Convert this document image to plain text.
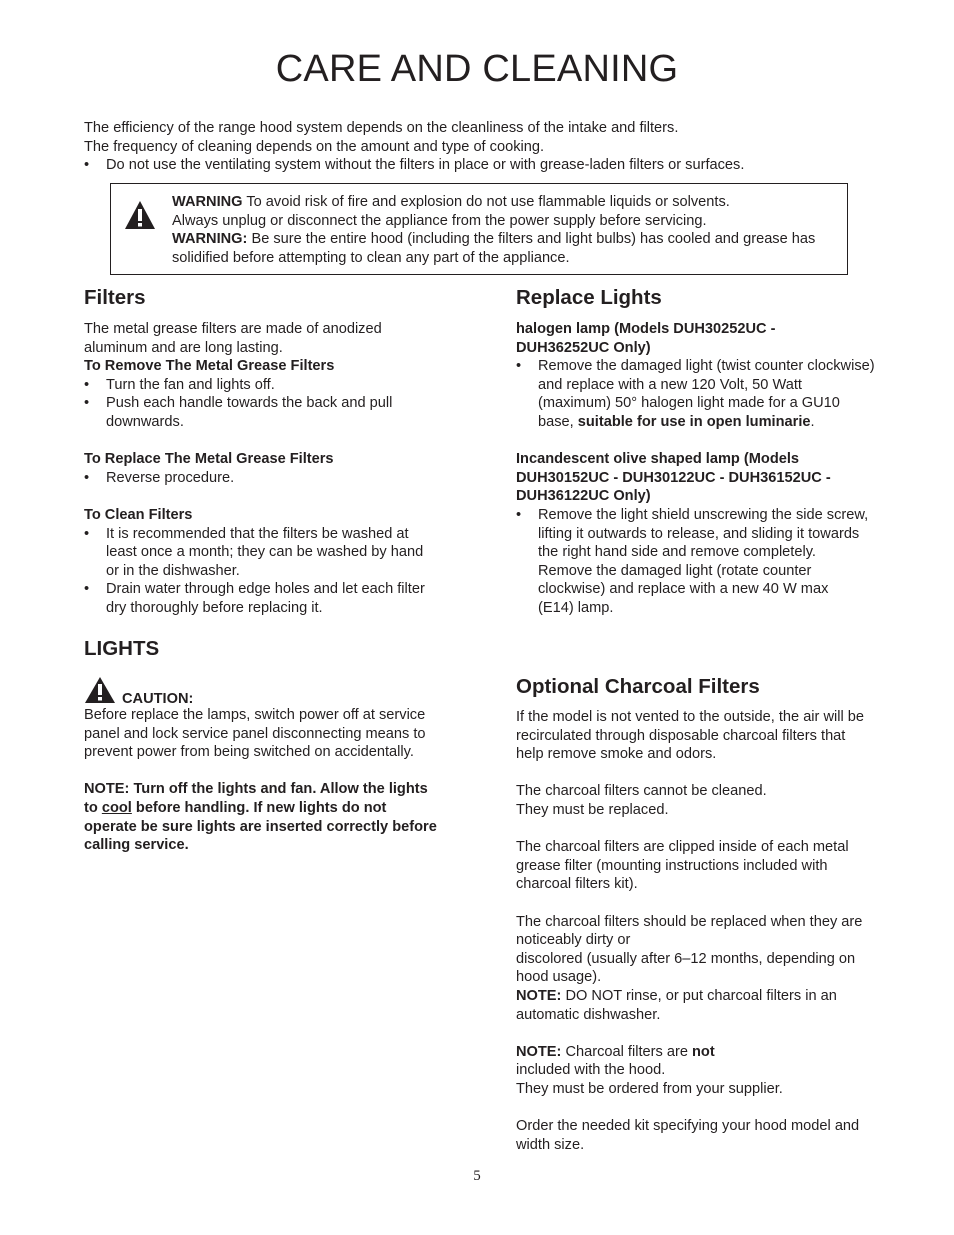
CARE AND CLEANING
The efficiency of the range hood system depends on the cleanliness of the intake and filters.
The frequency of cleaning depends on the amount and type of cooking.
• Do not use the ventilating system without the filters in place or with grease-laden filters or surfaces.
WARNING To avoid risk of fire and explosion do not use flammable liquids or solvents.
Always unplug or disconnect the appliance from the power supply before servicing.
WARNING: Be sure the entire hood (including the filters and light bulbs) has cooled and grease has
solidified before attempting to clean any part of the appliance.
Filters
The metal grease filters are made of anodized
aluminum and are long lasting.
To Remove The Metal Grease Filters
• Turn the fan and lights off.
• Push each handle towards the back and pull downwards.
To Replace The Metal Grease Filters
• Reverse procedure.
To Clean Filters
• It is recommended that the filters be washed at least once a month; they can be washed by hand or in the dishwasher.
• Drain water through edge holes and let each filter dry thoroughly before replacing it.
LIGHTS
CAUTION:
Before replace the lamps, switch power off at service panel and lock service panel disconnecting means to prevent power from being switched on accidentally.
NOTE: Turn off the lights and fan. Allow the lights to cool before handling. If new lights do not operate be sure lights are inserted correctly before calling service.
Replace Lights
halogen lamp (Models DUH30252UC - DUH36252UC Only)
• Remove the damaged light (twist counter clockwise) and replace with a new 120 Volt, 50 Watt (maximum) 50° halogen light made for a GU10 base, suitable for use in open luminarie.
Incandescent olive shaped lamp (Models DUH30152UC - DUH30122UC - DUH36152UC - DUH36122UC Only)
• Remove the light shield unscrewing the side screw, lifting it outwards to release, and sliding it towards the right hand side and remove completely.
Remove the damaged light (rotate counter clockwise) and replace with a new 40 W max (E14) lamp.
Optional Charcoal Filters
If the model is not vented to the outside, the air will be recirculated through disposable charcoal filters that help remove smoke and odors.
The charcoal filters cannot be cleaned.
They must be replaced.
The charcoal filters are clipped inside of each metal grease filter (mounting instructions included with charcoal filters kit).
The charcoal filters should be replaced when they are noticeably dirty or
discolored (usually after 6–12 months, depending on hood usage).
NOTE: DO NOT rinse, or put charcoal filters in an automatic dishwasher.
NOTE: Charcoal filters are not
included with the hood.
They must be ordered from your supplier.
Order the needed kit specifying your hood model and width size.
5
